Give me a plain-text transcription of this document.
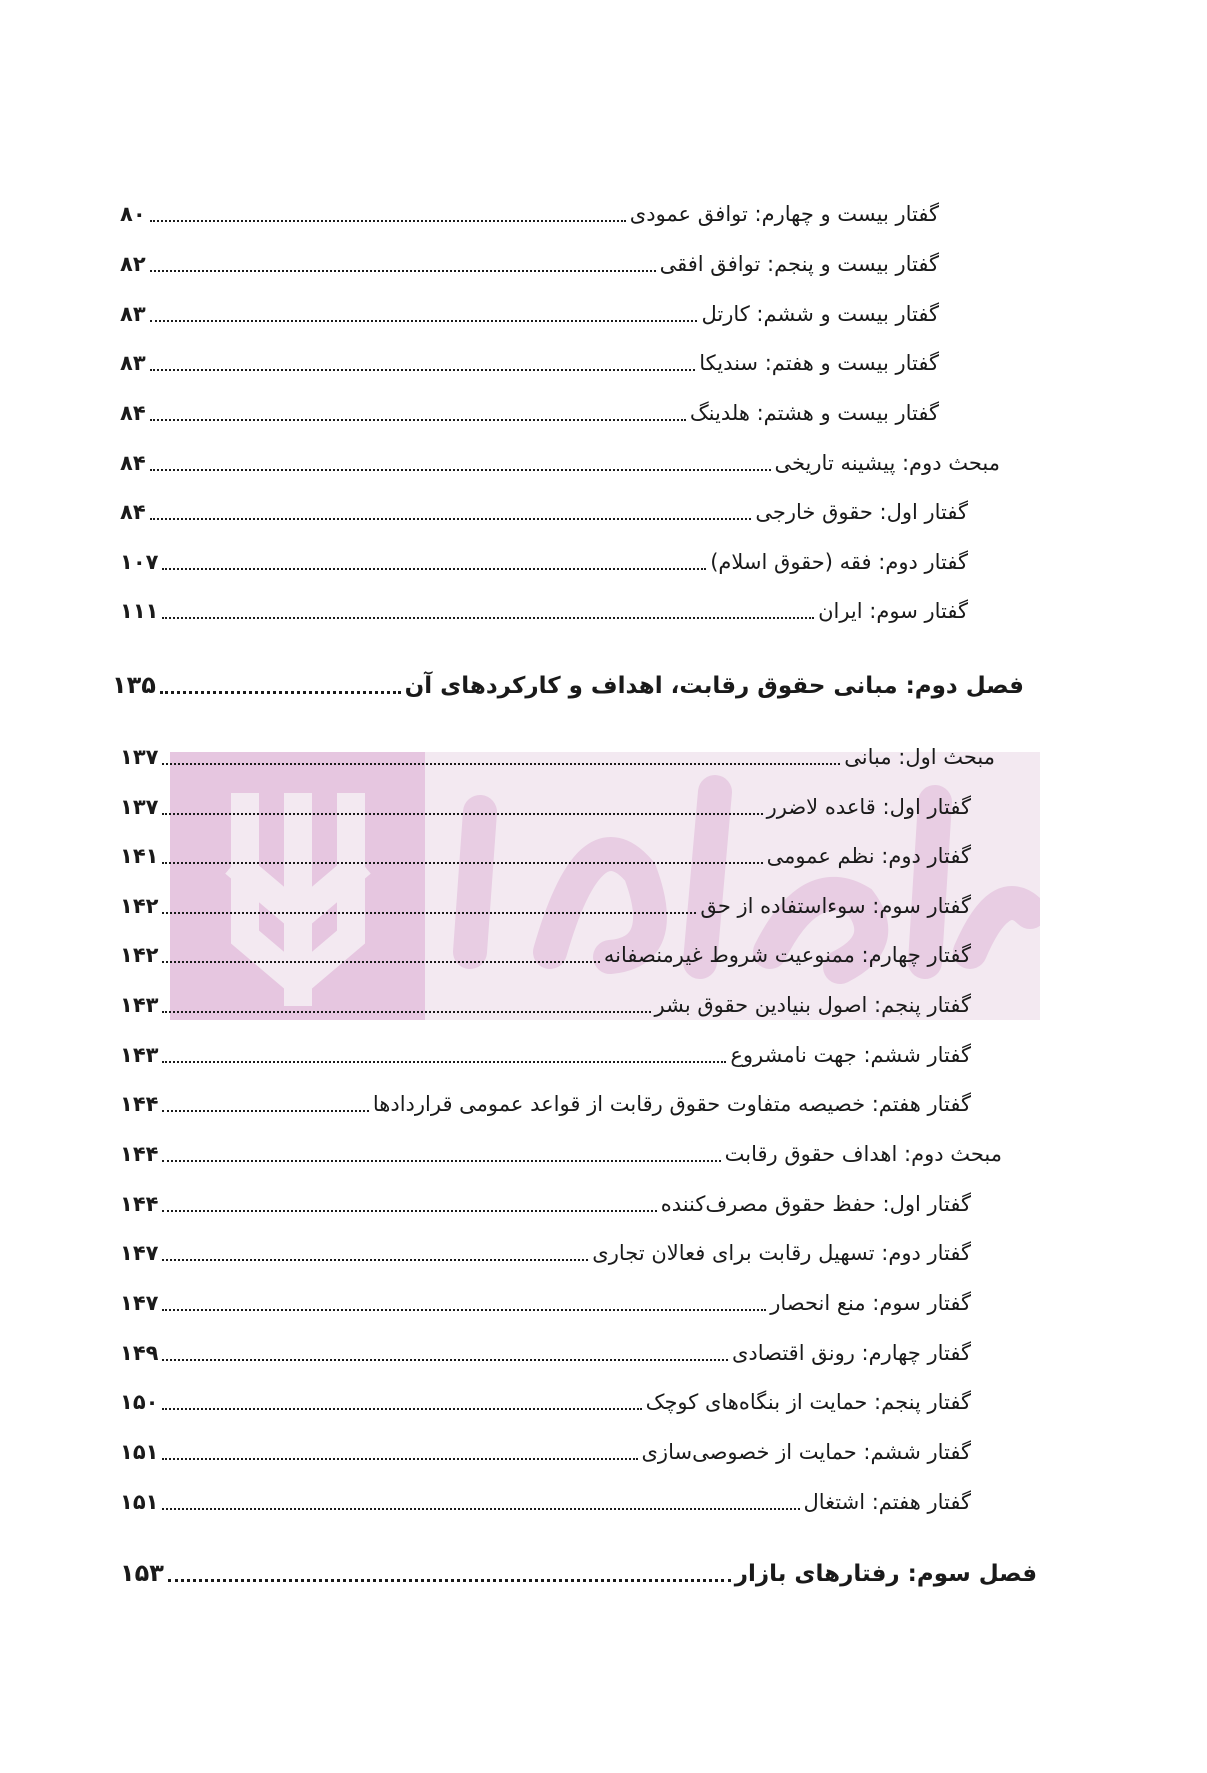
گفتار بیست و چهارم: توافق عمودی
۸۰
گفتار بیست و پنجم: توافق افقی
۸۲
گفتار بیست و ششم: کارتل
۸۳
گفتار بیست و هفتم: سندیکا
۸۳
گفتار بیست و هشتم: هلدینگ
۸۴
مبحث دوم: پیشینه تاریخی
۸۴
گفتار اول: حقوق خارجی
۸۴
گفتار دوم: فقه (حقوق اسلام)
۱۰۷
گفتار سوم: ایران
۱۱۱
فصل دوم: مبانی حقوق رقابت، اهداف و کارکردهای آن
۱۳۵
مبحث اول: مبانی
۱۳۷
گفتار اول: قاعده لاضرر
۱۳۷
گفتار دوم: نظم عمومی
۱۴۱
گفتار سوم: سوءاستفاده از حق
۱۴۲
گفتار چهارم: ممنوعیت شروط غیرمنصفانه
۱۴۲
گفتار پنجم: اصول بنیادین حقوق بشر
۱۴۳
گفتار ششم: جهت نامشروع
۱۴۳
گفتار هفتم: خصیصه متفاوت حقوق رقابت از قواعد عمومی قراردادها
۱۴۴
مبحث دوم: اهداف حقوق رقابت
۱۴۴
گفتار اول: حفظ حقوق مصرف‌کننده
۱۴۴
گفتار دوم: تسهیل رقابت برای فعالان تجاری
۱۴۷
گفتار سوم: منع انحصار
۱۴۷
گفتار چهارم: رونق اقتصادی
۱۴۹
گفتار پنجم: حمایت از بنگاه‌های کوچک
۱۵۰
گفتار ششم: حمایت از خصوصی‌سازی
۱۵۱
گفتار هفتم: اشتغال
۱۵۱
فصل سوم: رفتارهای بازار
۱۵۳
